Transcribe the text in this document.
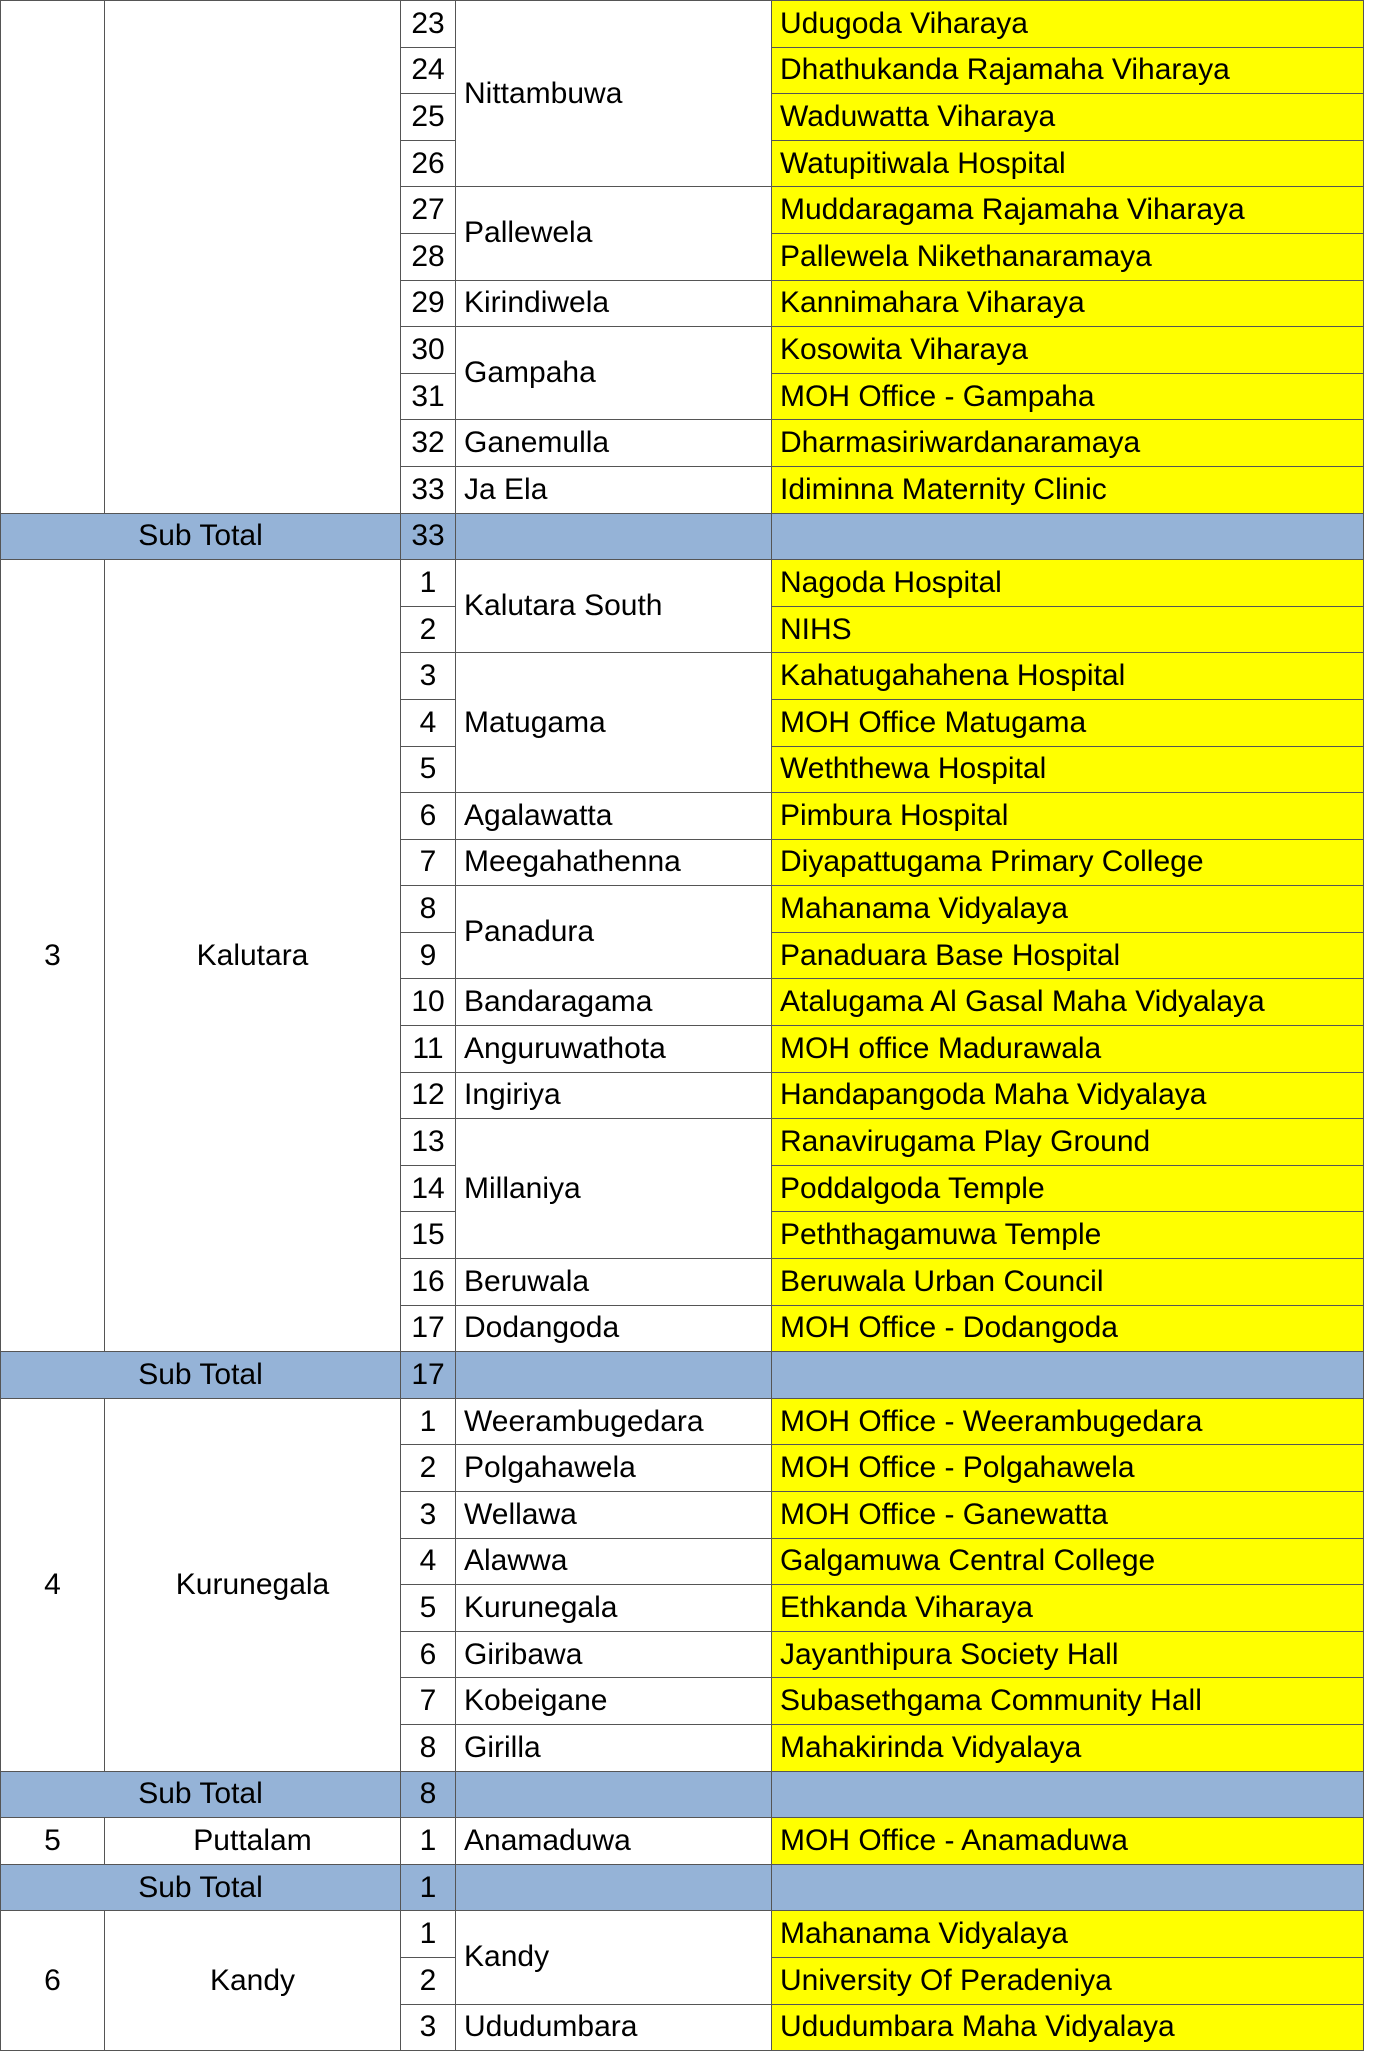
		23	Nittambuwa	Udugoda Viharaya
		24		Dhathukanda Rajamaha Viharaya
		25		Waduwatta Viharaya
		26		Watupitiwala Hospital
		27	Pallewela	Muddaragama Rajamaha Viharaya
		28		Pallewela Nikethanaramaya
		29	Kirindiwela	Kannimahara Viharaya
		30	Gampaha	Kosowita Viharaya
		31		MOH Office - Gampaha
		32	Ganemulla	Dharmasiriwardanaramaya
		33	Ja Ela	Idiminna Maternity Clinic
Sub Total		33		
3	Kalutara	1	Kalutara South	Nagoda Hospital
		2		NIHS
		3	Matugama	Kahatugahahena Hospital
		4		MOH Office Matugama
		5		Weththewa Hospital
		6	Agalawatta	Pimbura Hospital
		7	Meegahathenna	Diyapattugama Primary College
		8	Panadura	Mahanama Vidyalaya
		9		Panaduara Base Hospital
		10	Bandaragama	Atalugama Al Gasal Maha Vidyalaya
		11	Anguruwathota	MOH office Madurawala
		12	Ingiriya	Handapangoda Maha Vidyalaya
		13	Millaniya	Ranavirugama Play Ground
		14		Poddalgoda Temple
		15		Peththagamuwa Temple
		16	Beruwala	Beruwala Urban Council
		17	Dodangoda	MOH Office - Dodangoda
Sub Total		17		
4	Kurunegala	1	Weerambugedara	MOH Office - Weerambugedara
		2	Polgahawela	MOH Office - Polgahawela
		3	Wellawa	MOH Office - Ganewatta
		4	Alawwa	Galgamuwa Central College
		5	Kurunegala	Ethkanda Viharaya
		6	Giribawa	Jayanthipura Society Hall
		7	Kobeigane	Subasethgama Community Hall
		8	Girilla	Mahakirinda Vidyalaya
Sub Total		8		
5	Puttalam	1	Anamaduwa	MOH Office - Anamaduwa
Sub Total		1		
6	Kandy	1	Kandy	Mahanama Vidyalaya
		2		University Of Peradeniya
		3	Ududumbara	Ududumbara Maha Vidyalaya
